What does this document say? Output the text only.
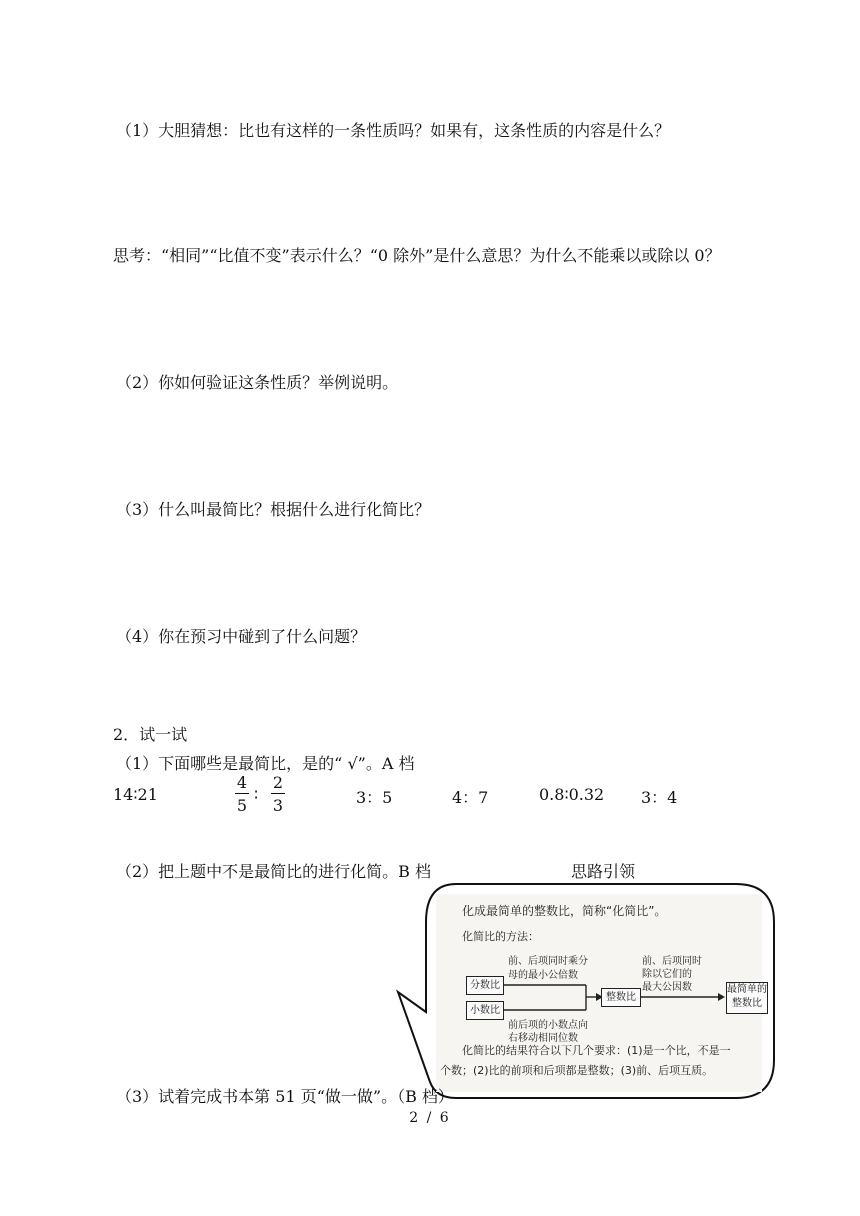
（1）大胆猜想：比也有这样的一条性质吗？如果有，这条性质的内容是什么？
思考：“相同”“比值不变”表示什么？“0 除外”是什么意思？为什么不能乘以或除以 0？
（2）你如何验证这条性质？举例说明。
（3）什么叫最简比？根据什么进行化简比？
（4）你在预习中碰到了什么问题？
2．试一试
（1）下面哪些是最简比，是的“ √”。A 档
14∶21
4
5
∶
2
3	3：5	4：7	0.8∶0.32 3：4
（2）把上题中不是最简比的进行化简。B 档	思路引领
化成最简单的整数比，简称“化简比”。
化简比的方法：
前、后项同时乘分
母的最小公倍数
前、后项同时
除以它们的
最大公因数
分数比
小数比
整数比
最简单的
整数比
前后项的小数点向
右移动相同位数
化简比的结果符合以下几个要求：(1)是一个比，不是一
个数；(2)比的前项和后项都是整数；(3)前、后项互质。
（3）试着完成书本第 51 页“做一做”。（B 档）
2 / 6
